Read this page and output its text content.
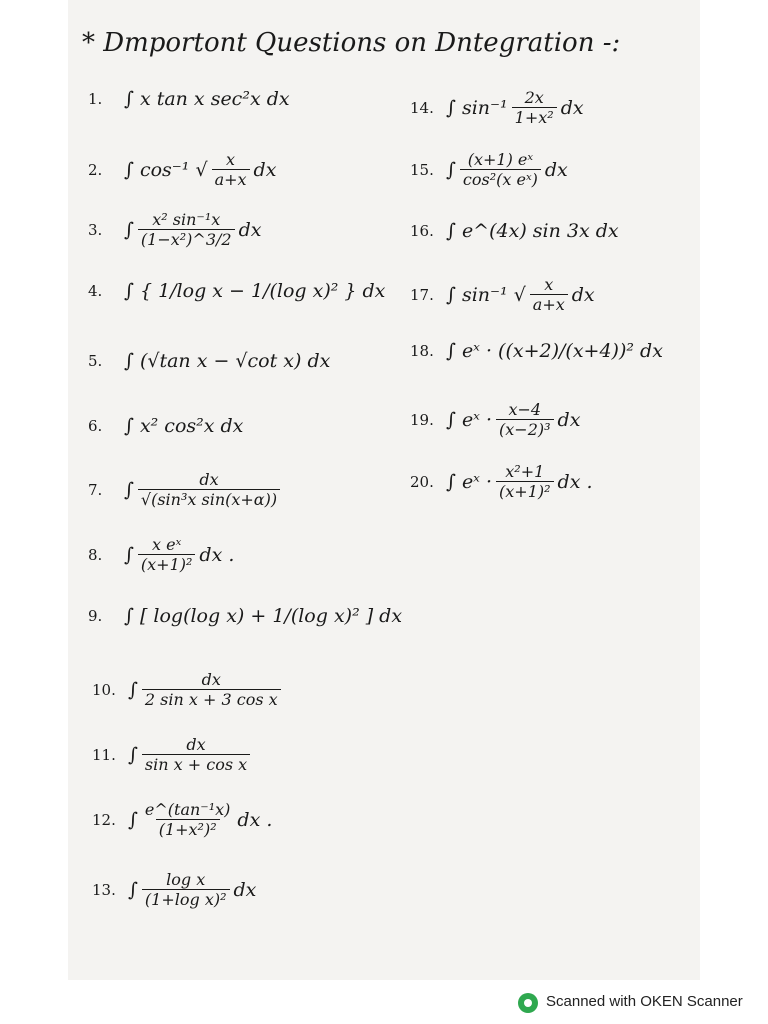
* Dmportont Questions on Dntegration -:
1.	∫ x tan x sec²x dx
2.	∫ cos⁻¹ √ $\frac{x}{a+x}$ dx
3.	∫ $\frac{\text{x² sin⁻¹x}}{\text{(1−x²)\textasciicircum{}3/2}}$ dx
4.	∫ { 1/log x − 1/(log x)² } dx
5.	∫ (√tan x − √cot x) dx
6.	∫ x² cos²x dx
7.	∫ $\frac{dx}{\text{√(sin³x sin(x+α))}}$
8.	∫ $\frac{\text{x eˣ}}{\text{(x+1)²}}$ dx .
9.	∫ [ log(log x) + 1/(log x)² ] dx
10. ∫ $\frac{dx}{\text{2 sin x + 3 cos x}}$
11. ∫ $\frac{dx}{\text{sin x + cos x}}$
12. ∫ $\frac{\text{e\textasciicircum{}(tan⁻¹x)}}{\text{(1+x²)²}}$ dx .
13. ∫ $\frac{\text{log x}}{\text{(1+log x)²}}$ dx
14. ∫ $\sin^{-1} \frac{2x}{\text{1+x²}}$ dx
15. ∫ $\frac{\text{(x+1) eˣ}}{\text{cos²(x eˣ)}}$ dx
16. ∫ e^(4x) sin 3x dx
17. ∫ sin⁻¹ √ $\frac{x}{a+x}$ dx
18. ∫ eˣ · ((x+2)/(x+4))² dx
19. ∫ eˣ · $\frac{x-4}{\text{(x−2)³}}$ dx
20. ∫ eˣ · $\frac{\text{x²+1}}{\text{(x+1)²}}$ dx .
Scanned with OKEN Scanner
